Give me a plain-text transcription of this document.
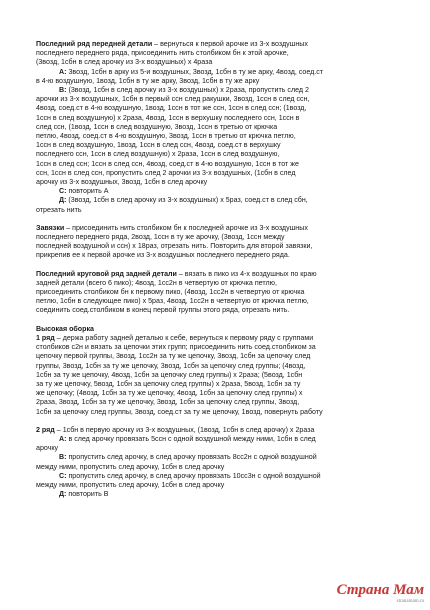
Последний ряд передней детали – вернуться к первой арочке из 3-х воздушных
последнего переднего ряда, присоединить нить столбиком бн к этой арочке,
(3возд, 1сбн в след арочку из 3-х воздушных) х 4раза
А: 3возд, 1сбн в арку из 5-и воздушных, 3возд, 1сбн в ту же арку, 4возд, соед.ст
в 4-ю воздушную, 1возд, 1сбн в ту же арку, 3возд, 1сбн в ту же арку
В: (3возд, 1сбн в след арочку из 3-х воздушных) х 2раза, пропустить след 2
арочки из 3-х воздушных, 1сбн в первый сcн след ракушки, 3возд, 1ccн в след ccн,
4возд, соед.ст в 4-ю воздушную, 1возд, 1ccн в тот же ccн, 1ccн в след ccн; (1возд,
1ccн в след воздушную) х 2раза, 4возд, 1ccн в верхушку последнего ccн, 1ccн в
след ccн, (1возд, 1ccн в след воздушную, 3возд, 1ccн в третью от крючка
петлю, 4возд, соед.ст в 4-ю воздушную, 3возд, 1ccн в третью от крючка петлю,
1ccн в след воздушную, 1возд, 1ccн в след ccн, 4возд, соед.ст в верхушку
последнего ccн, 1ccн в след воздушную) х 2раза, 1ccн в след воздушную,
1ccн в след ccн; 1ccн в след ccн, 4возд, соед.ст в 4-ю воздушную, 1ccн в тот же
ccн, 1ccн в след ccн, пропустить след 2 арочки из 3-х воздушных, (1сбн в след
арочку из 3-х воздушных, 3возд, 1сбн в след арочку
С: повторить А
Д: (3возд, 1сбн в след арочку из 3-х воздушных) х 5раз, соед.ст в след сбн,
отрезать нить
Завязки – присоединить нить столбиком бн к последней арочке из 3-х воздушных
последнего переднего ряда, 2возд, 1ccн в ту же арочку, (3возд, 1ccн между
последней воздушной и ccн) х 18раз, отрезать нить. Повторить для второй завязки,
прикрепив ее к первой арочке из 3-х воздушных последнего переднего ряда.
Последний круговой ряд задней детали – вязать в пико из 4-х воздушных по краю
задней детали (всего 6 пико); 4возд, 1cc2н в четвертую от крючка петлю,
присоединить столбиком бн к первому пико, (4возд, 1cc2н в четвертую от крючка
петлю, 1сбн в следующее пико) х 5раз, 4возд, 1cc2н в четвертую от крючка петлю,
соединить соед.столбиком в конец первой группы этого ряда, отрезать нить.
Высокая оборка
1 ряд – держа работу задней деталью к себе, вернуться к первому ряду с группами
столбиков c2н и вязать за цепочки этих групп; присоединить нить соед.столбиком за
цепочку первой группы, 3возд, 1cc2н за ту же цепочку, 3возд, 1сбн за цепочку след
группы, 3возд, 1сбн за ту же цепочку, 3возд, 1сбн за цепочку след группы; (4возд,
1сбн за ту же цепочку, 4возд, 1сбн за цепочку след группы) х 2раза; (5возд, 1сбн
за ту же цепочку, 5возд, 1сбн за цепочку след группы) х 2раза, 5возд, 1сбн за ту
же цепочку; (4возд, 1сбн за ту же цепочку, 4возд, 1сбн за цепочку след группы) х
2раза, 3возд, 1сбн за ту же цепочку, 3возд, 1сбн за цепочку след группы, 3возд,
1сбн за цепочку след группы, 3возд, соед.ст за ту же цепочку, 1возд, повернуть работу
2 ряд – 1сбн в первую арочку из 3-х воздушных, (1возд, 1сбн в след арочку) х 2раза
А: в след арочку провязать 5ccн с одной воздушной между ними, 1сбн в след
арочку
В: пропустить след арочку, в след арочку провязать 8cc2н с одной воздушной
между ними, пропустить след арочку, 1сбн в след арочку
С: пропустить след арочку, в след арочку провязать 10cc3н с одной воздушной
между ними, пропустить след арочку, 1сбн в след арочку
Д: повторить В
Страна Мам
stranamam.ru
